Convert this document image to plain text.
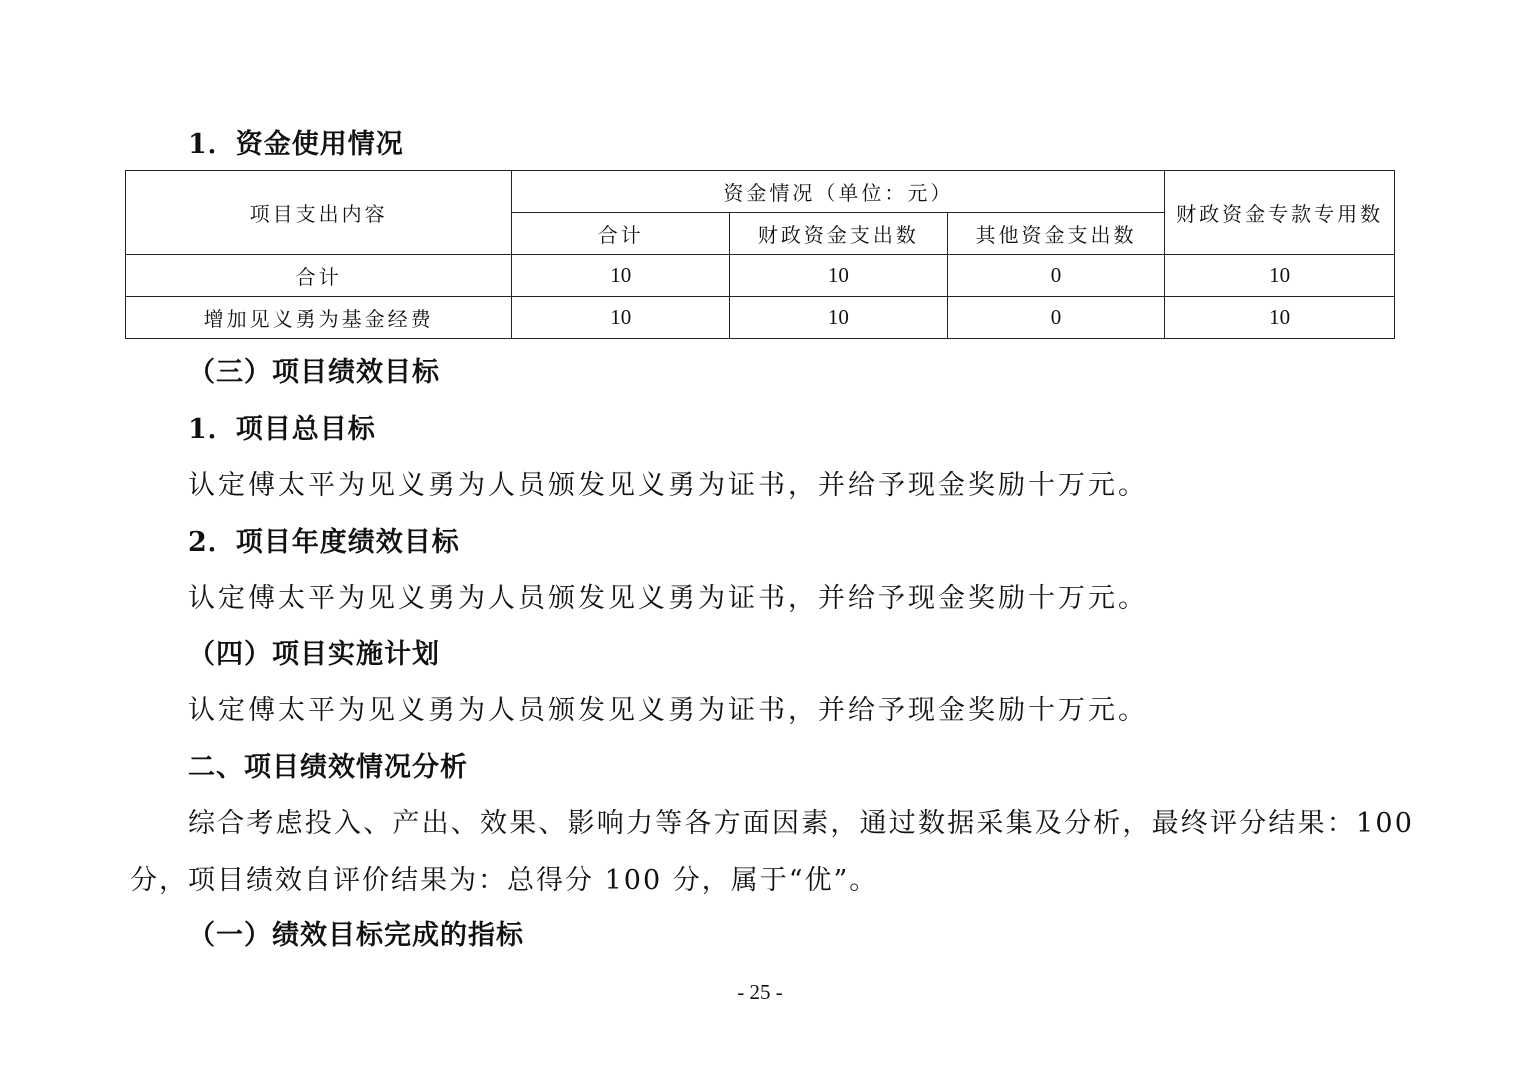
1．资金使用情况
项目支出内容	资金情况（单位：元）			财政资金专款专用数
	合计	财政资金支出数	其他资金支出数	
合计	10	10	0	10
增加见义勇为基金经费	10	10	0	10
（三）项目绩效目标
1．项目总目标
认定傅太平为见义勇为人员颁发见义勇为证书，并给予现金奖励十万元。
2．项目年度绩效目标
认定傅太平为见义勇为人员颁发见义勇为证书，并给予现金奖励十万元。
（四）项目实施计划
认定傅太平为见义勇为人员颁发见义勇为证书，并给予现金奖励十万元。
二、项目绩效情况分析
综合考虑投入、产出、效果、影响力等各方面因素，通过数据采集及分析，最终评分结果：100
分，项目绩效自评价结果为：总得分 100 分，属于“优”。
（一）绩效目标完成的指标
- 25 -
